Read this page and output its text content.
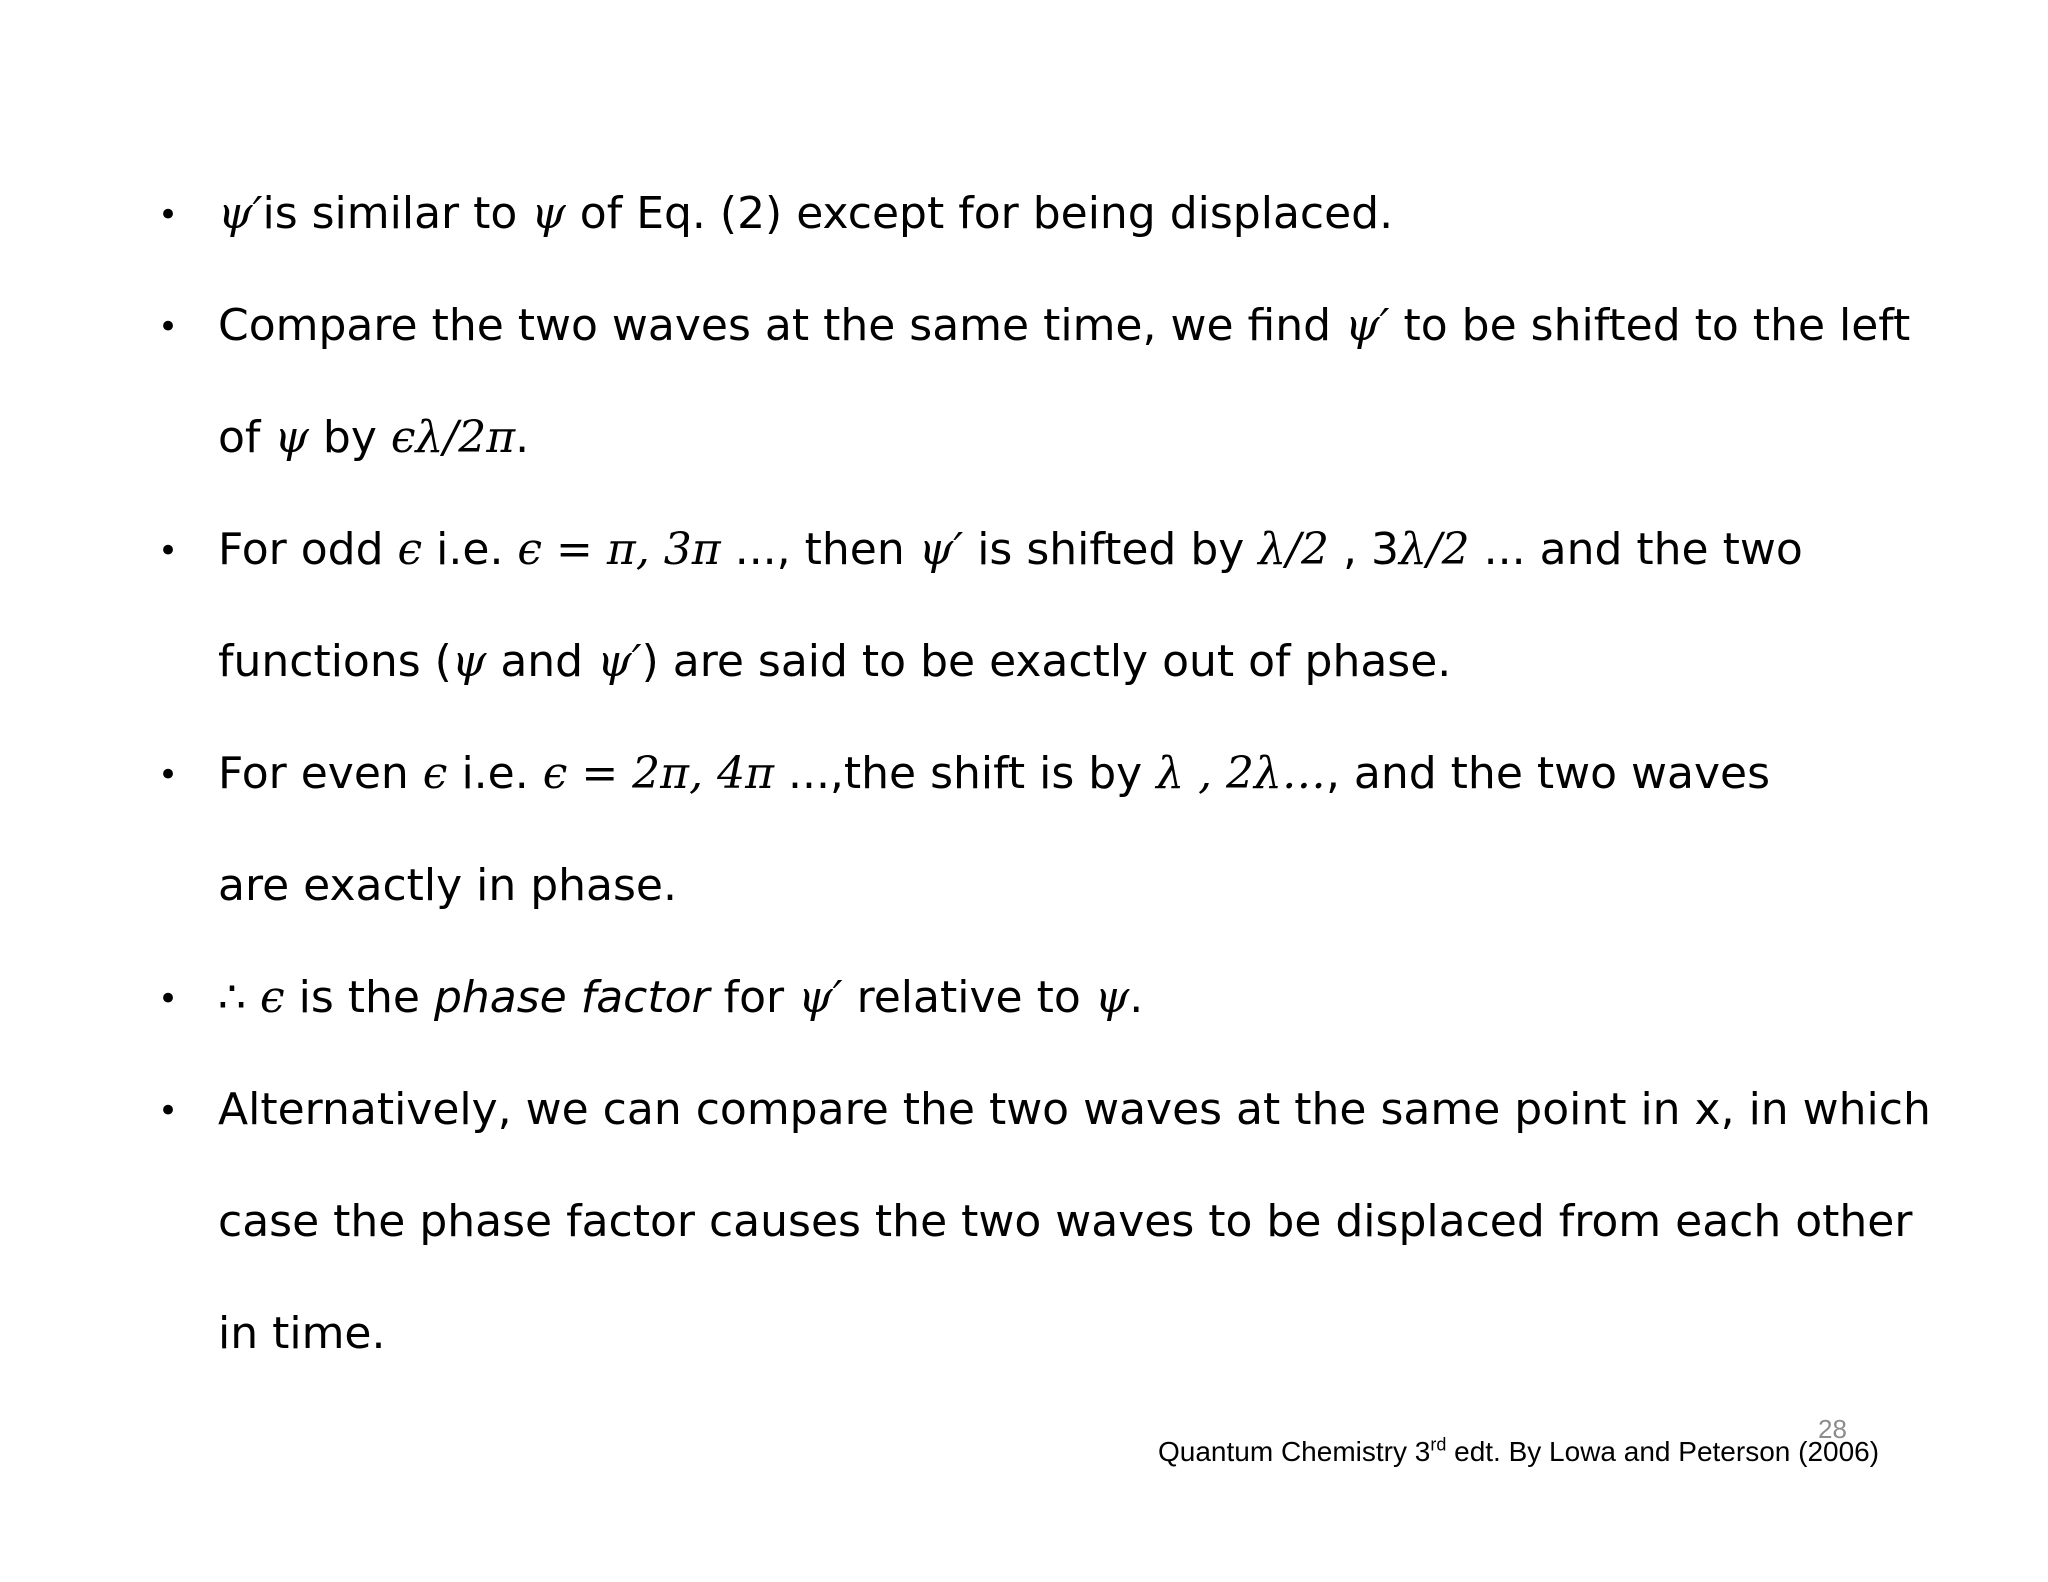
• ψ′is similar to ψ of Eq. (2) except for being displaced.
• Compare the two waves at the same time, we find ψ′ to be shifted to the left
of ψ by ϵλ/2π.
• For odd ϵ i.e. ϵ = π, 3π ..., then ψ′ is shifted by λ/2 , 3λ/2 ... and the two
functions (ψ and ψ′) are said to be exactly out of phase.
• For even ϵ i.e. ϵ = 2π, 4π ...,the shift is by λ , 2λ…, and the two waves
are exactly in phase.
• ∴ ϵ is the phase factor for ψ′ relative to ψ.
• Alternatively, we can compare the two waves at the same point in x, in which
case the phase factor causes the two waves to be displaced from each other
in time.
28
Quantum Chemistry 3rd edt. By Lowa and Peterson (2006)
